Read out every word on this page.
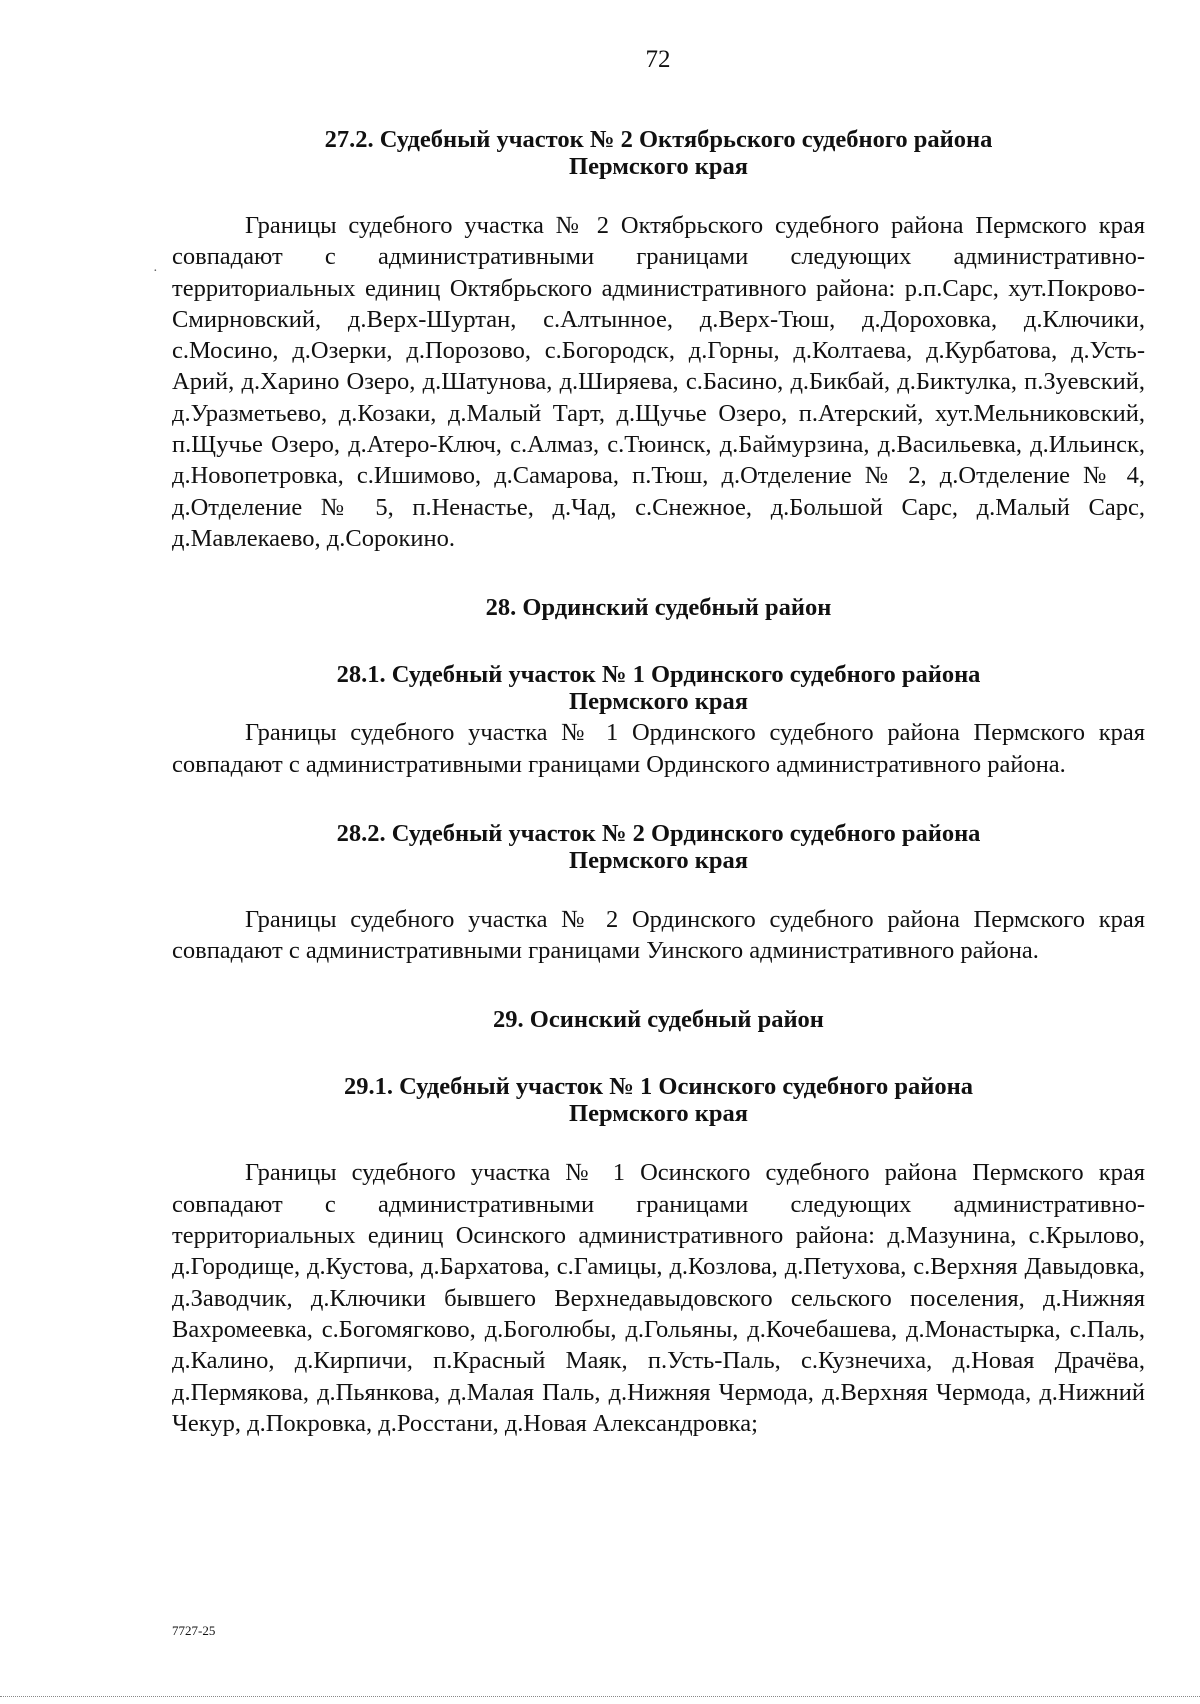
72
·
27.2. Судебный участок № 2 Октябрьского судебного района
Пермского края

Границы судебного участка № 2 Октябрьского судебного района Пермского края совпадают с административными границами следующих административно-территориальных единиц Октябрьского административного района: р.п.Сарс, хут.Покрово-Смирновский, д.Верх-Шуртан, с.Алтынное, д.Верх-Тюш, д.Дороховка, д.Ключики, с.Мосино, д.Озерки, д.Порозово, с.Богородск, д.Горны, д.Колтаева, д.Курбатова, д.Усть-Арий, д.Харино Озеро, д.Шатунова, д.Ширяева, с.Басино, д.Бикбай, д.Биктулка, п.Зуевский, д.Уразметьево, д.Козаки, д.Малый Тарт, д.Щучье Озеро, п.Атерский, хут.Мельниковский, п.Щучье Озеро, д.Атеро-Ключ, с.Алмаз, с.Тюинск, д.Баймурзина, д.Васильевка, д.Ильинск, д.Новопетровка, с.Ишимово, д.Самарова, п.Тюш, д.Отделение № 2, д.Отделение № 4, д.Отделение № 5, п.Ненастье, д.Чад, с.Снежное, д.Большой Сарс, д.Малый Сарс, д.Мавлекаево, д.Сорокино.

28. Ординский судебный район
28.1. Судебный участок № 1 Ординского судебного района
Пермского края

Границы судебного участка № 1 Ординского судебного района Пермского края совпадают с административными границами Ординского административного района.

28.2. Судебный участок № 2 Ординского судебного района
Пермского края

Границы судебного участка № 2 Ординского судебного района Пермского края совпадают с административными границами Уинского административного района.

29. Осинский судебный район
29.1. Судебный участок № 1 Осинского судебного района
Пермского края

Границы судебного участка № 1 Осинского судебного района Пермского края совпадают с административными границами следующих административно-территориальных единиц Осинского административного района: д.Мазунина, с.Крылово, д.Городище, д.Кустова, д.Бархатова, с.Гамицы, д.Козлова, д.Петухова, с.Верхняя Давыдовка, д.Заводчик, д.Ключики бывшего Верхнедавыдовского сельского поселения, д.Нижняя Вахромеевка, с.Богомягково, д.Боголюбы, д.Гольяны, д.Кочебашева, д.Монастырка, с.Паль, д.Калино, д.Кирпичи, п.Красный Маяк, п.Усть-Паль, с.Кузнечиха, д.Новая Драчёва, д.Пермякова, д.Пьянкова, д.Малая Паль, д.Нижняя Чермода, д.Верхняя Чермода, д.Нижний Чекур, д.Покровка, д.Росстани, д.Новая Александровка;

7727-25
